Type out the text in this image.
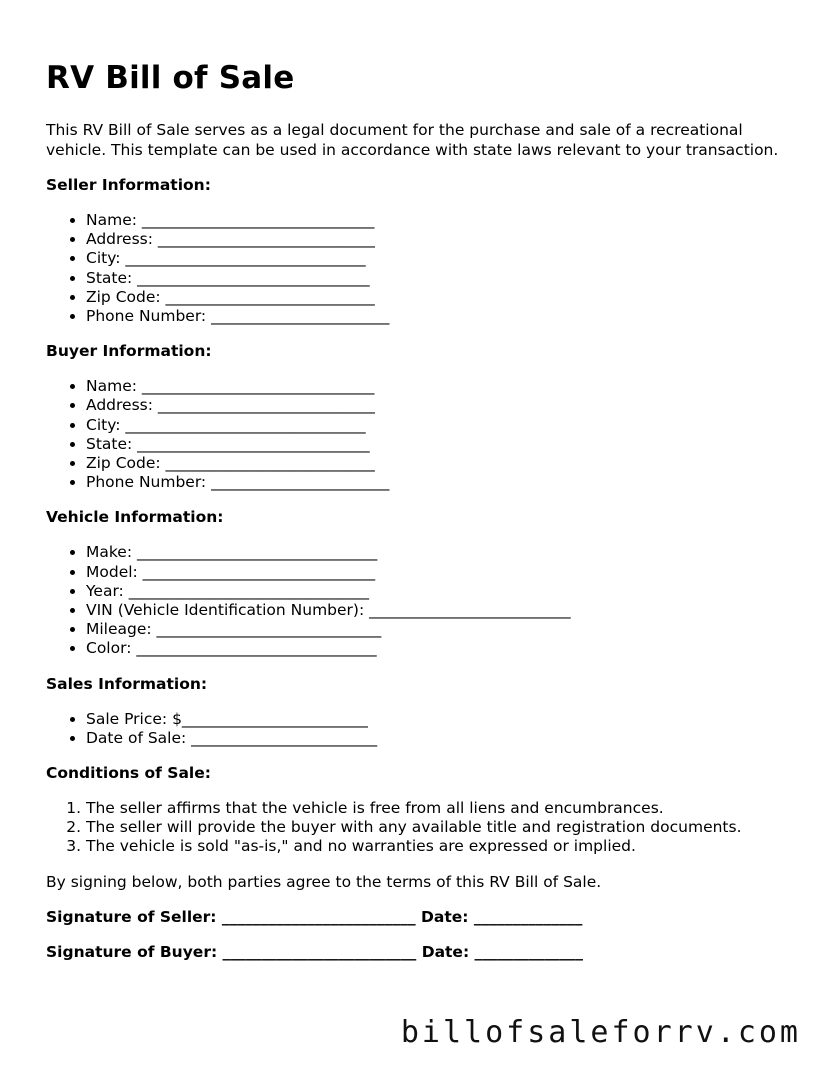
RV Bill of Sale

This RV Bill of Sale serves as a legal document for the purchase and sale of a recreational vehicle. This template can be used in accordance with state laws relevant to your transaction.

Seller Information:

• Name: ______________________________
• Address: ____________________________
• City: _______________________________
• State: ______________________________
• Zip Code: ___________________________
• Phone Number: _______________________

Buyer Information:

• Name: ______________________________
• Address: ____________________________
• City: _______________________________
• State: ______________________________
• Zip Code: ___________________________
• Phone Number: _______________________

Vehicle Information:

• Make: _______________________________
• Model: ______________________________
• Year: _______________________________
• VIN (Vehicle Identification Number): __________________________
• Mileage: _____________________________
• Color: _______________________________

Sales Information:

• Sale Price: $________________________
• Date of Sale: ________________________

Conditions of Sale:

1. The seller affirms that the vehicle is free from all liens and encumbrances.
2. The seller will provide the buyer with any available title and registration documents.
3. The vehicle is sold "as-is," and no warranties are expressed or implied.

By signing below, both parties agree to the terms of this RV Bill of Sale.

Signature of Seller: _________________________ Date: ______________

Signature of Buyer: _________________________ Date: ______________

billofsaleforrv.com
